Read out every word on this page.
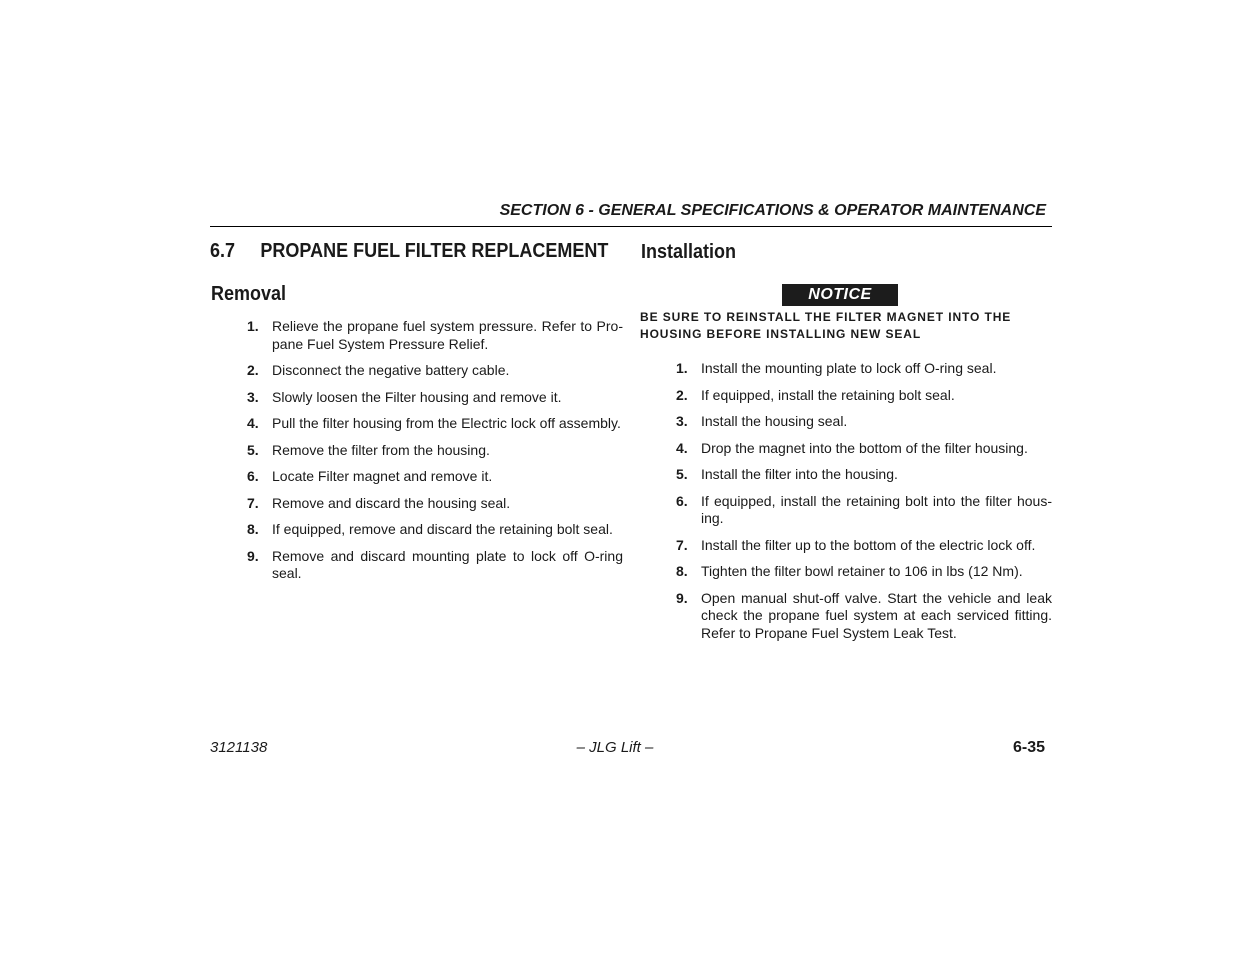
SECTION 6 - GENERAL SPECIFICATIONS & OPERATOR MAINTENANCE
6.7 PROPANE FUEL FILTER REPLACEMENT
Removal
1. Relieve the propane fuel system pressure. Refer to Pro- pane Fuel System Pressure Relief.
2. Disconnect the negative battery cable.
3. Slowly loosen the Filter housing and remove it.
4. Pull the filter housing from the Electric lock off assembly.
5. Remove the filter from the housing.
6. Locate Filter magnet and remove it.
7. Remove and discard the housing seal.
8. If equipped, remove and discard the retaining bolt seal.
9. Remove and discard mounting plate to lock off O-ring seal.
Installation
NOTICE
BE SURE TO REINSTALL THE FILTER MAGNET INTO THE HOUSING BEFORE INSTALLING NEW SEAL
1. Install the mounting plate to lock off O-ring seal.
2. If equipped, install the retaining bolt seal.
3. Install the housing seal.
4. Drop the magnet into the bottom of the filter housing.
5. Install the filter into the housing.
6. If equipped, install the retaining bolt into the filter hous- ing.
7. Install the filter up to the bottom of the electric lock off.
8. Tighten the filter bowl retainer to 106 in lbs (12 Nm).
9. Open manual shut-off valve. Start the vehicle and leak check the propane fuel system at each serviced fitting. Refer to Propane Fuel System Leak Test.
3121138	– JLG Lift –	6-35
